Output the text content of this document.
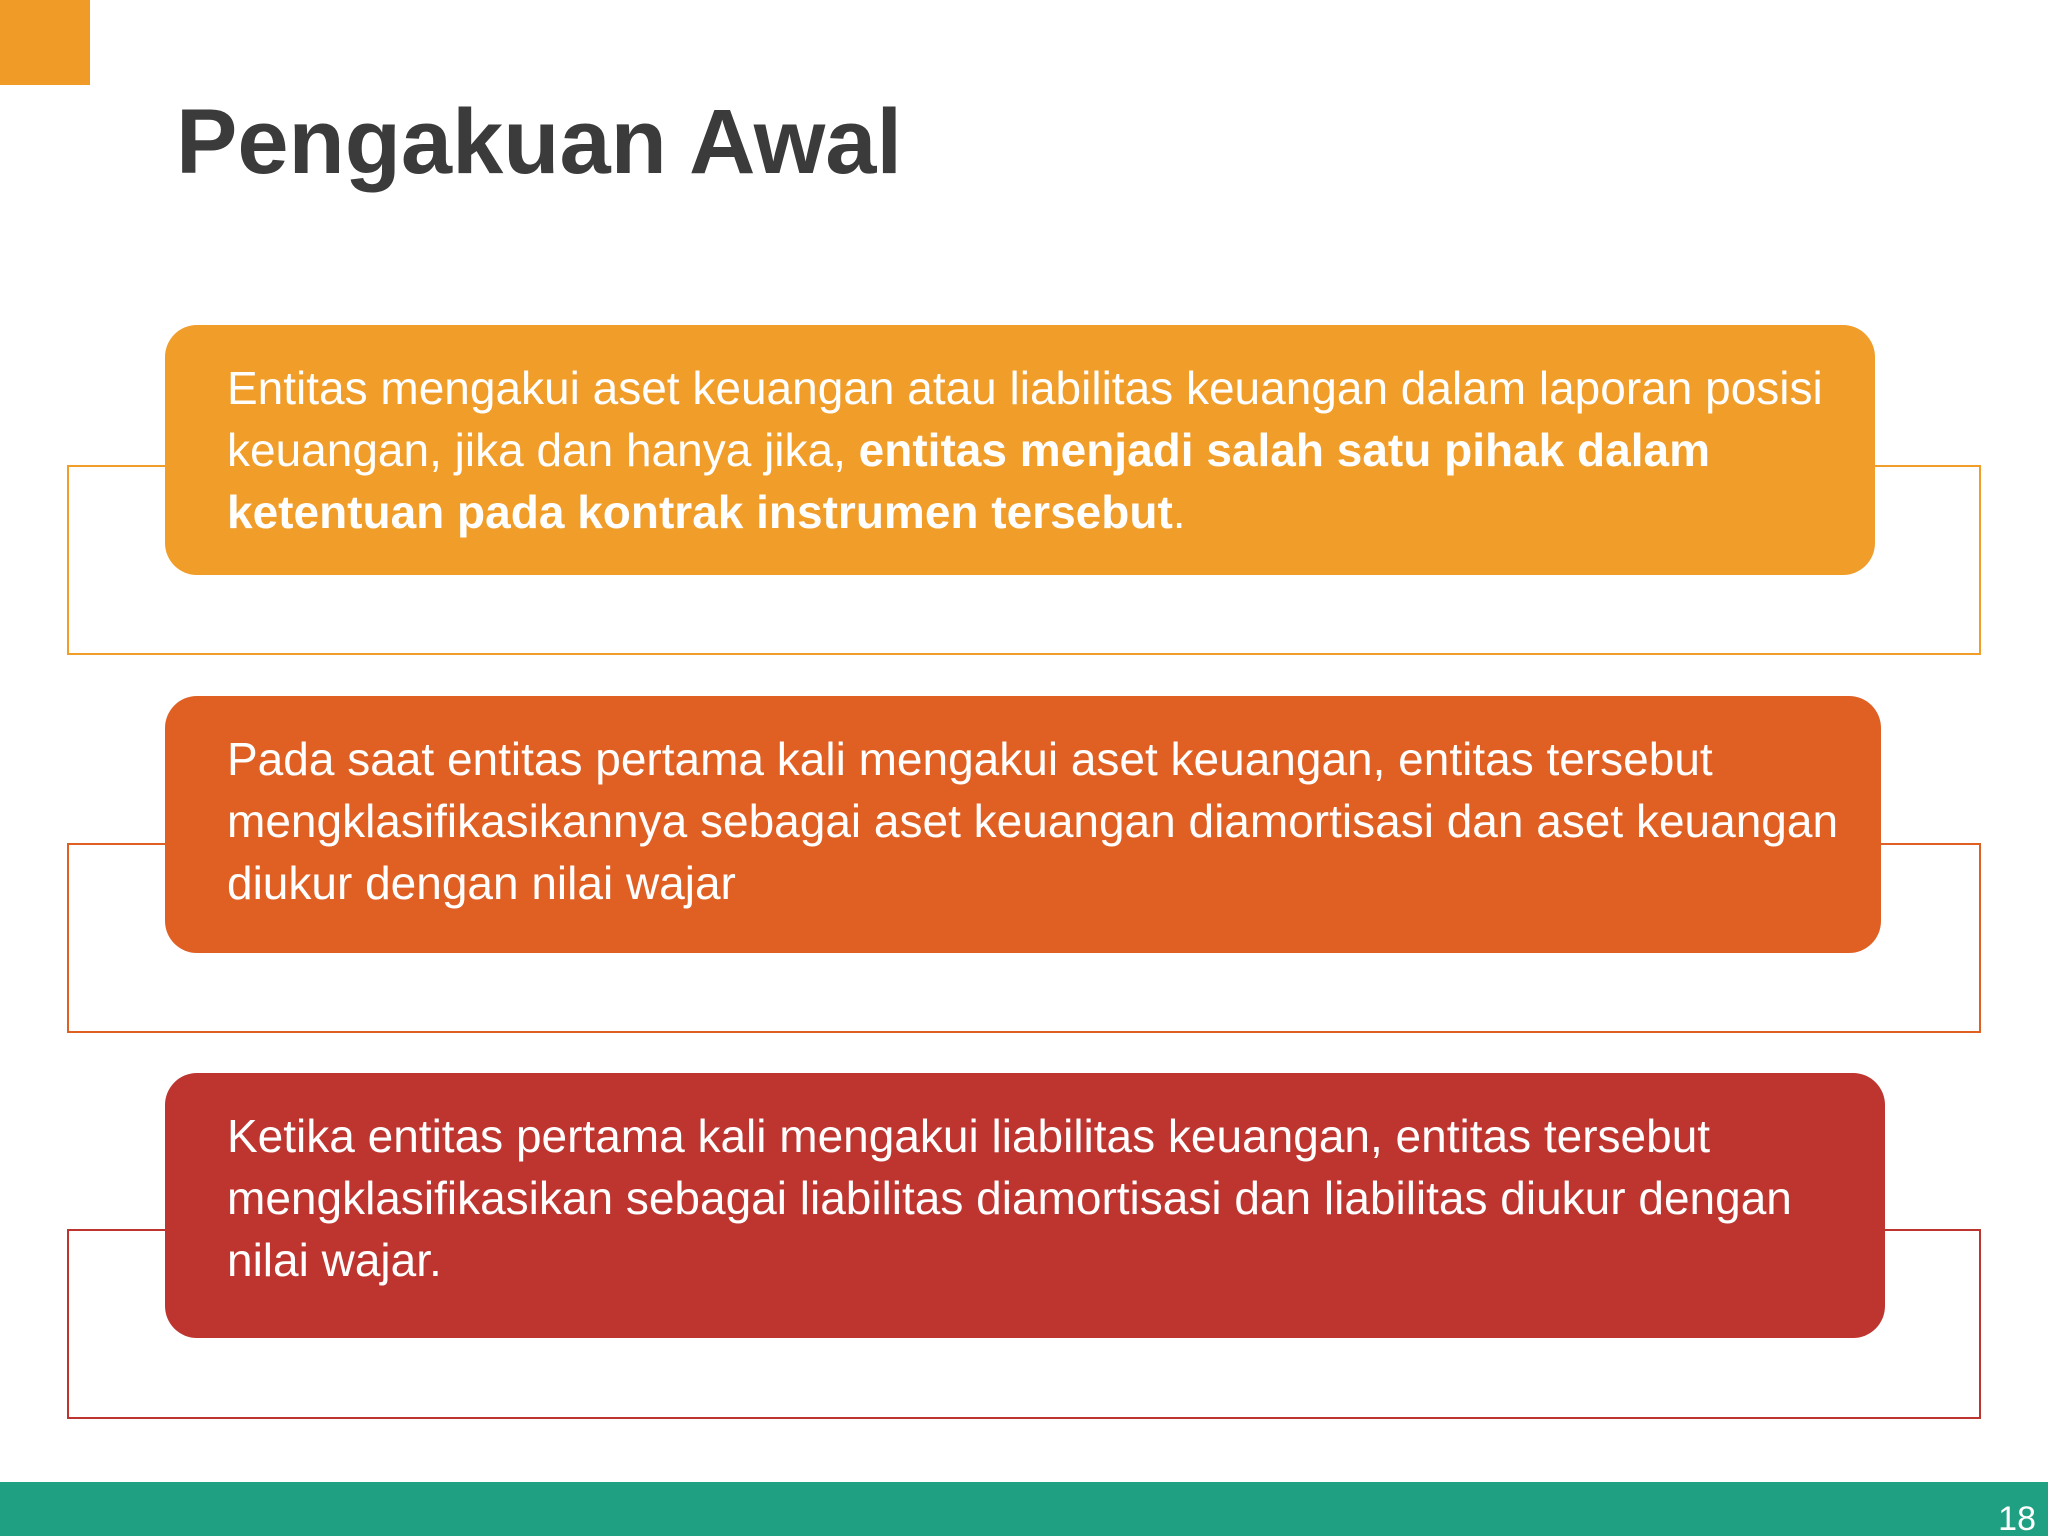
Pengakuan Awal

Entitas mengakui aset keuangan atau liabilitas keuangan dalam laporan posisi keuangan, jika dan hanya jika, entitas menjadi salah satu pihak dalam ketentuan pada kontrak instrumen tersebut.

Pada saat entitas pertama kali mengakui aset keuangan, entitas tersebut mengklasifikasikannya sebagai aset keuangan diamortisasi dan aset keuangan diukur dengan nilai wajar

Ketika entitas pertama kali mengakui liabilitas keuangan, entitas tersebut mengklasifikasikan sebagai liabilitas diamortisasi dan liabilitas diukur dengan nilai wajar.

18
